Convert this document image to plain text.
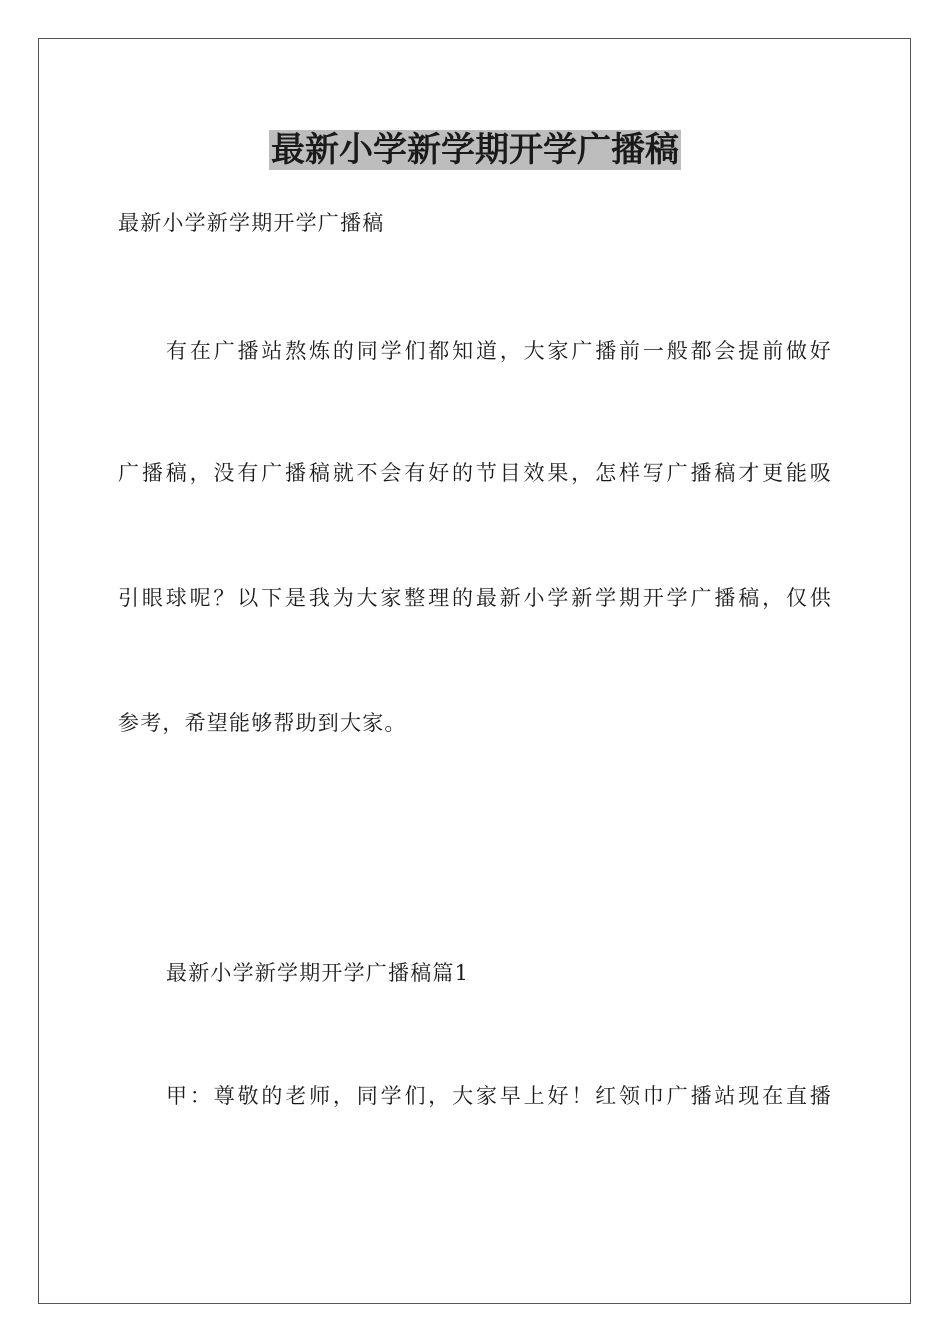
最新小学新学期开学广播稿
最新小学新学期开学广播稿
有在广播站熬炼的同学们都知道，大家广播前一般都会提前做好
广播稿，没有广播稿就不会有好的节目效果，怎样写广播稿才更能吸
引眼球呢？以下是我为大家整理的最新小学新学期开学广播稿，仅供
参考，希望能够帮助到大家。
最新小学新学期开学广播稿篇1
甲：尊敬的老师，同学们，大家早上好！红领巾广播站现在直播
